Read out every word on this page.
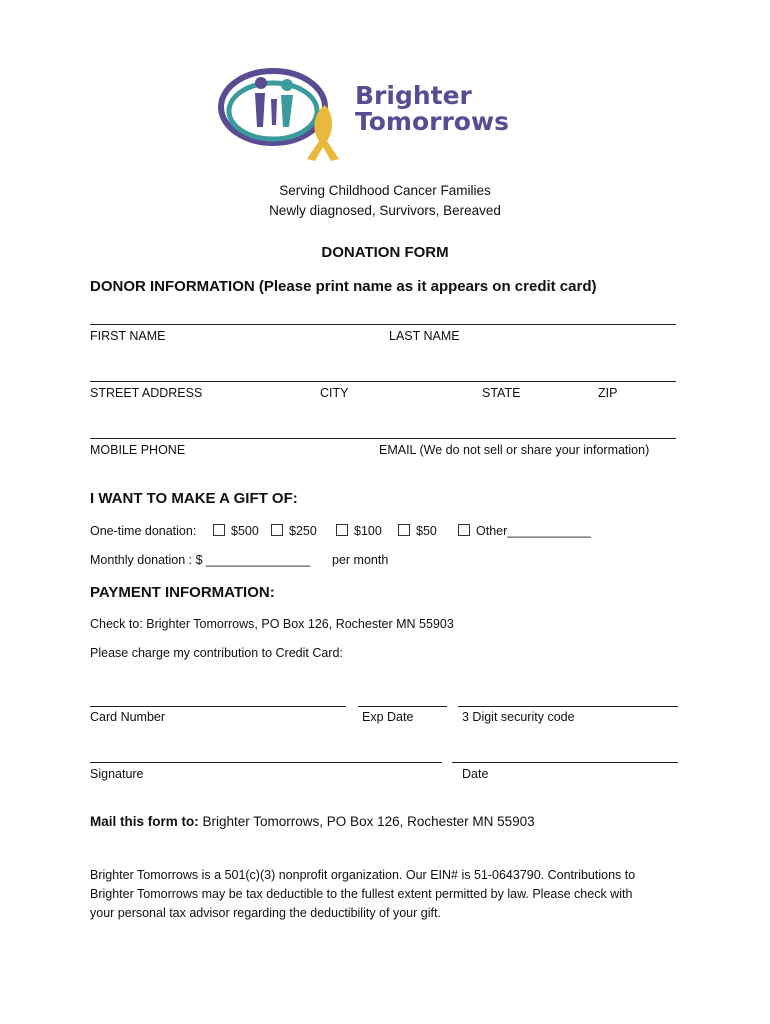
Brighter
Tomorrows
Serving Childhood Cancer Families
Newly diagnosed, Survivors, Bereaved
DONATION FORM
DONOR INFORMATION (Please print name as it appears on credit card)
FIRST NAME	LAST NAME
STREET ADDRESS	CITY	STATE	ZIP
MOBILE PHONE	EMAIL (We do not sell or share your information)
I WANT TO MAKE A GIFT OF:
One-time donation:	$500	$250	$100	$50	Other____________
Monthly donation : $ _______________ per month
PAYMENT INFORMATION:
Check to: Brighter Tomorrows, PO Box 126, Rochester MN 55903
Please charge my contribution to Credit Card:
Card Number	Exp Date	3 Digit security code
Signature	Date
Mail this form to: Brighter Tomorrows, PO Box 126, Rochester MN 55903
Brighter Tomorrows is a 501(c)(3) nonprofit organization. Our EIN# is 51-0643790. Contributions to
Brighter Tomorrows may be tax deductible to the fullest extent permitted by law. Please check with
your personal tax advisor regarding the deductibility of your gift.
